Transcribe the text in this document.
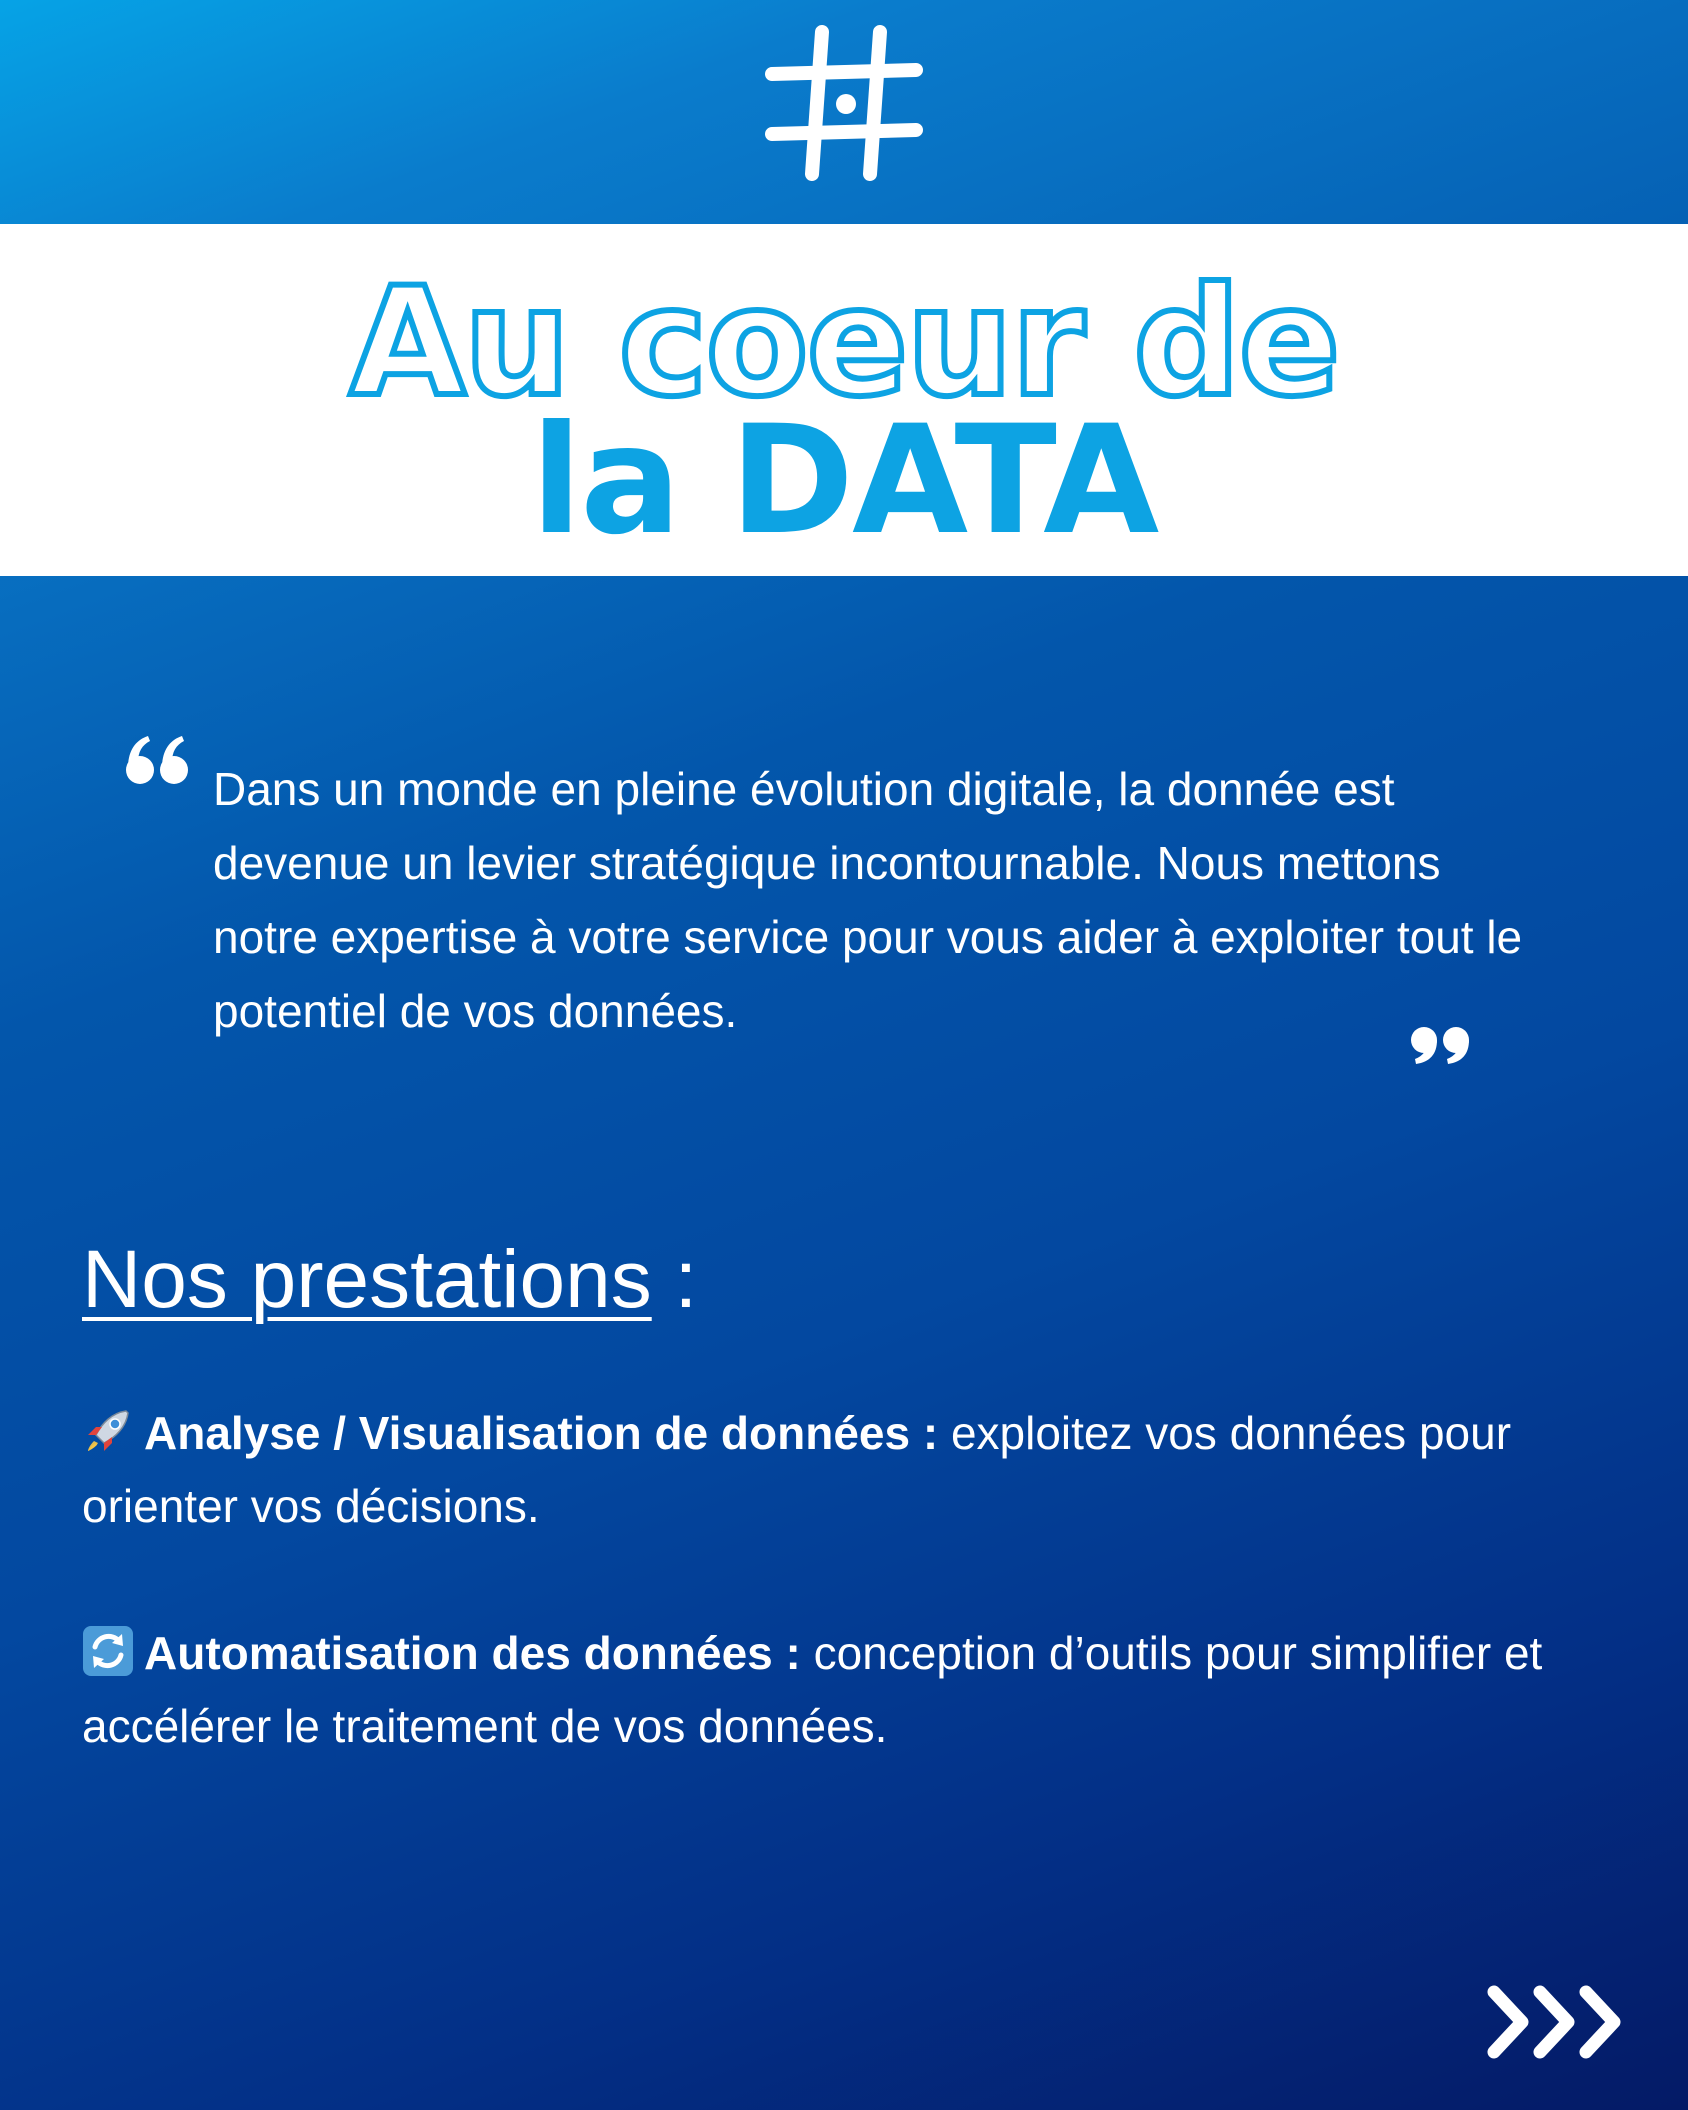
Au coeur de
la DATA
Dans un monde en pleine évolution digitale, la donnée est devenue un levier stratégique incontournable. Nous mettons notre expertise à votre service pour vous aider à exploiter tout le potentiel de vos données.
Nos prestations :
Analyse / Visualisation de données : exploitez vos données pour orienter vos décisions.
Automatisation des données : conception d’outils pour simplifier et accélérer le traitement de vos données.
